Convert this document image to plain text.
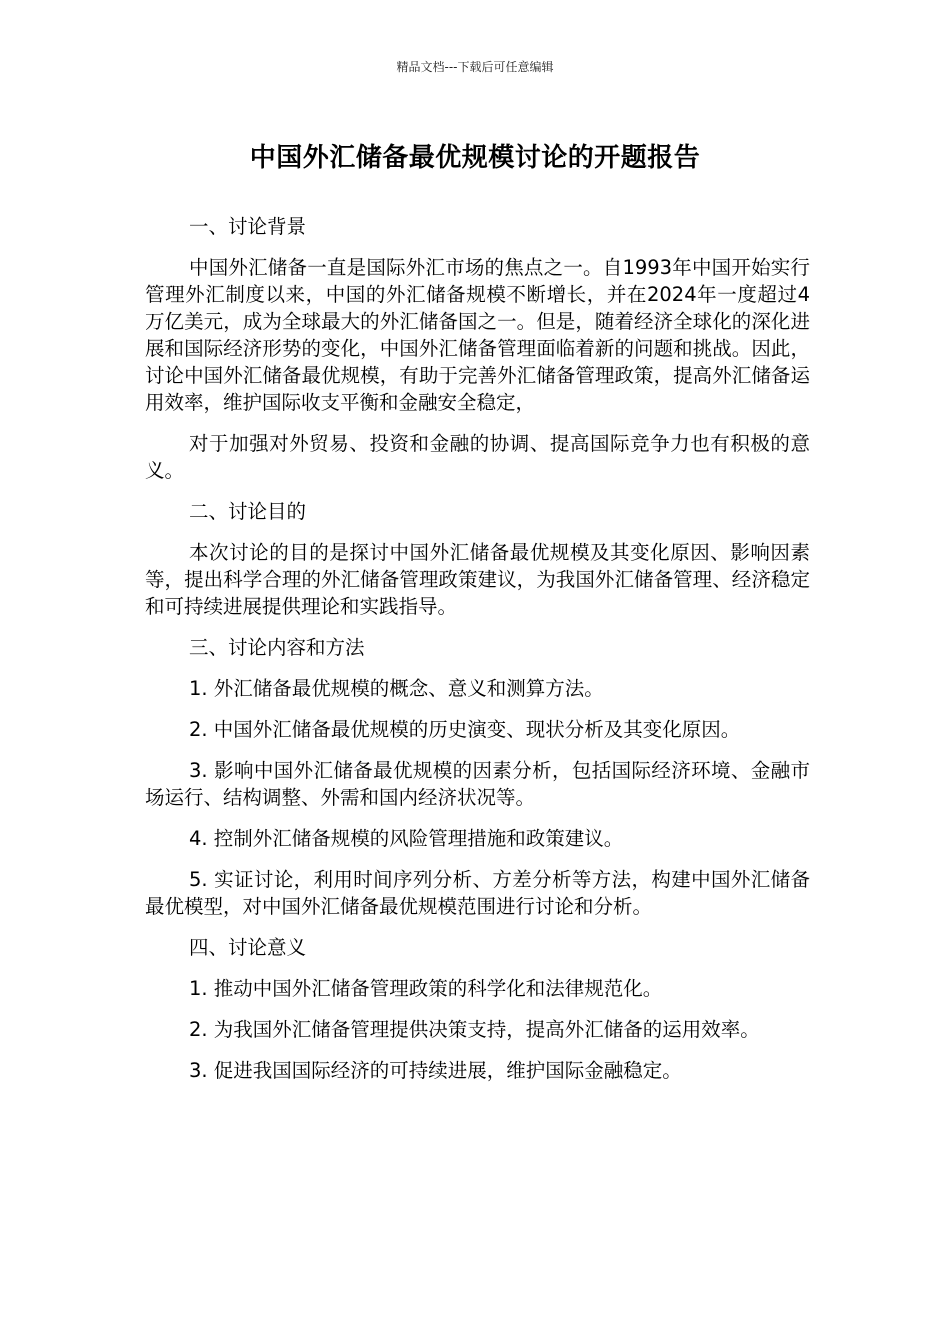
精品文档---下载后可任意编辑
中国外汇储备最优规模讨论的开题报告

一、讨论背景

中国外汇储备一直是国际外汇市场的焦点之一。自1993年中国开始实行管理外汇制度以来，中国的外汇储备规模不断增长，并在2024年一度超过4万亿美元，成为全球最大的外汇储备国之一。但是，随着经济全球化的深化进展和国际经济形势的变化，中国外汇储备管理面临着新的问题和挑战。因此，讨论中国外汇储备最优规模，有助于完善外汇储备管理政策，提高外汇储备运用效率，维护国际收支平衡和金融安全稳定，

对于加强对外贸易、投资和金融的协调、提高国际竞争力也有积极的意义。

二、讨论目的

本次讨论的目的是探讨中国外汇储备最优规模及其变化原因、影响因素等，提出科学合理的外汇储备管理政策建议，为我国外汇储备管理、经济稳定和可持续进展提供理论和实践指导。

三、讨论内容和方法

1. 外汇储备最优规模的概念、意义和测算方法。

2. 中国外汇储备最优规模的历史演变、现状分析及其变化原因。

3. 影响中国外汇储备最优规模的因素分析，包括国际经济环境、金融市场运行、结构调整、外需和国内经济状况等。

4. 控制外汇储备规模的风险管理措施和政策建议。

5. 实证讨论，利用时间序列分析、方差分析等方法，构建中国外汇储备最优模型，对中国外汇储备最优规模范围进行讨论和分析。

四、讨论意义

1. 推动中国外汇储备管理政策的科学化和法律规范化。

2. 为我国外汇储备管理提供决策支持，提高外汇储备的运用效率。

3. 促进我国国际经济的可持续进展，维护国际金融稳定。
